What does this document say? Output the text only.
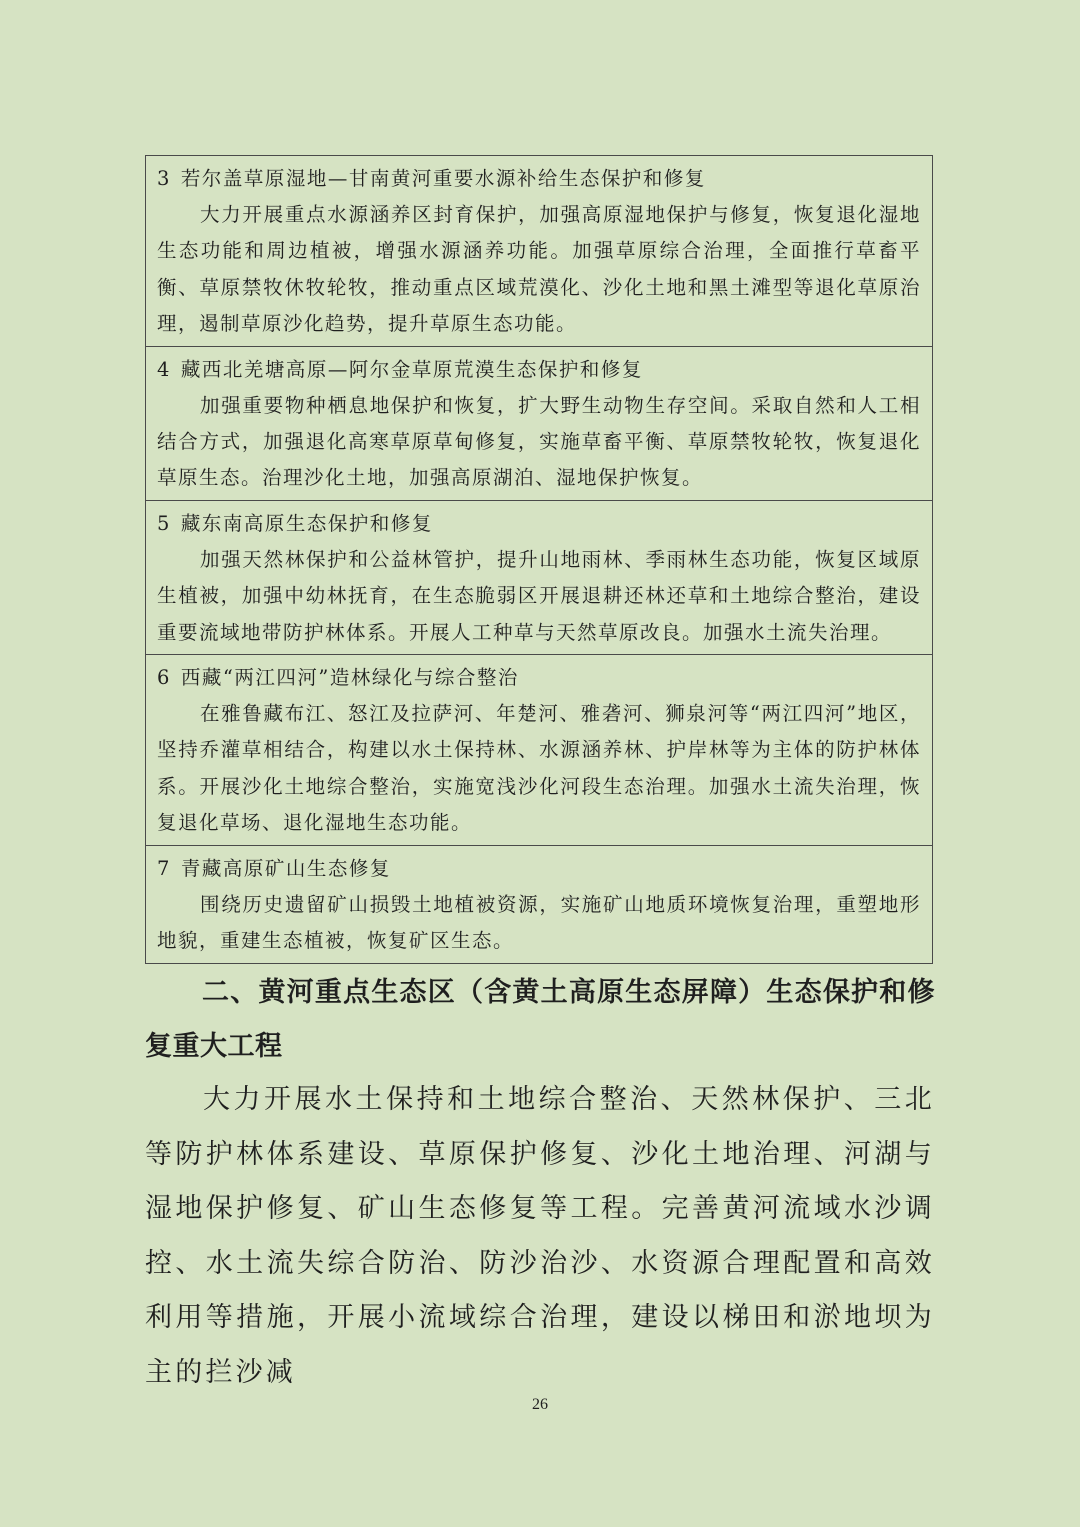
3 若尔盖草原湿地—甘南黄河重要水源补给生态保护和修复
大力开展重点水源涵养区封育保护，加强高原湿地保护与修复，恢复退化湿地生态功能和周边植被，增强水源涵养功能。加强草原综合治理，全面推行草畜平衡、草原禁牧休牧轮牧，推动重点区域荒漠化、沙化土地和黑土滩型等退化草原治理，遏制草原沙化趋势，提升草原生态功能。
4 藏西北羌塘高原—阿尔金草原荒漠生态保护和修复
加强重要物种栖息地保护和恢复，扩大野生动物生存空间。采取自然和人工相结合方式，加强退化高寒草原草甸修复，实施草畜平衡、草原禁牧轮牧，恢复退化草原生态。治理沙化土地，加强高原湖泊、湿地保护恢复。
5 藏东南高原生态保护和修复
加强天然林保护和公益林管护，提升山地雨林、季雨林生态功能，恢复区域原生植被，加强中幼林抚育，在生态脆弱区开展退耕还林还草和土地综合整治，建设重要流域地带防护林体系。开展人工种草与天然草原改良。加强水土流失治理。
6 西藏“两江四河”造林绿化与综合整治
在雅鲁藏布江、怒江及拉萨河、年楚河、雅砻河、狮泉河等“两江四河”地区，坚持乔灌草相结合，构建以水土保持林、水源涵养林、护岸林等为主体的防护林体系。开展沙化土地综合整治，实施宽浅沙化河段生态治理。加强水土流失治理，恢复退化草场、退化湿地生态功能。
7 青藏高原矿山生态修复
围绕历史遗留矿山损毁土地植被资源，实施矿山地质环境恢复治理，重塑地形地貌，重建生态植被，恢复矿区生态。
二、黄河重点生态区（含黄土高原生态屏障）生态保护和修复重大工程
大力开展水土保持和土地综合整治、天然林保护、三北等防护林体系建设、草原保护修复、沙化土地治理、河湖与湿地保护修复、矿山生态修复等工程。完善黄河流域水沙调控、水土流失综合防治、防沙治沙、水资源合理配置和高效利用等措施，开展小流域综合治理，建设以梯田和淤地坝为主的拦沙减
26
